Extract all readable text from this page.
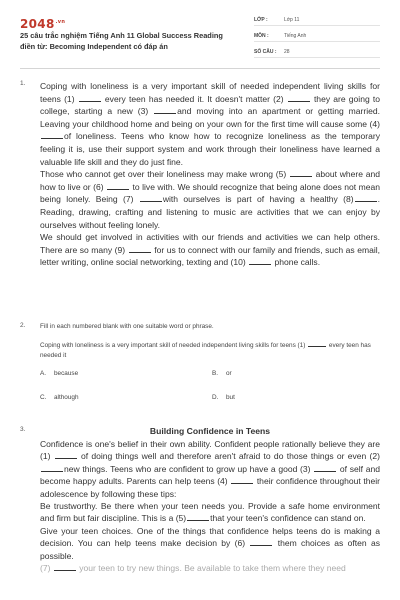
$2048^{.vn}$
25 câu trắc nghiệm Tiếng Anh 11 Global Success Reading điền từ: Becoming Independent có đáp án
LỚP :	Lớp 11
MÔN :	Tiếng Anh
SỐ CÂU :	28
1. Coping with loneliness is a very important skill of needed independent living skills for teens (1)	every teen has needed it. It doesn't matter (2)	they are going to college, starting a new (3)	and moving into an apartment or getting married. Leaving your childhood home and being on your own for the first time will cause some (4)of loneliness. Teens who know how to recognize loneliness as the temporary feeling it is, use their support system and work through their loneliness have learned a valuable life skill and they do just fine.

Those who cannot get over their loneliness may make wrong (5)	about where and how to live or (6)	to live with. We should recognize that being alone does not mean being lonely. Being (7)	with ourselves is part of having a healthy (8)	. Reading, drawing, crafting and listening to music are activities that we can enjoy by ourselves without feeling lonely.

We should get involved in activities with our friends and activities we can help others. There are so many (9)	for us to connect with our family and friends, such as email, letter writing, online social networking, texting and (10)	phone calls.

2. Fill in each numbered blank with one suitable word or phrase.

Coping with loneliness is a very important skill of needed independent living skills for teens (1)	every teen has needed it

A.	because	B.	or
C.	although	D.	but
3.	Building Confidence in Teens

Confidence is one's belief in their own ability. Confident people rationally believe they are (1)	of doing things well and therefore aren't afraid to do those things or even (2) new things. Teens who are confident to grow up have a good (3)	of self and become happy adults. Parents can help teens (4)	their confidence throughout their adolescence by following these tips:

Be trustworthy. Be there when your teen needs you. Provide a safe home environment and firm but fair discipline. This is a (5)	that your teen's confidence can stand on.

Give your teen choices. One of the things that confidence helps teens do is making a decision. You can help teens make decision by (6)	them choices as often as possible.

(7)	your teen to try new things. Be available to take them where they need
